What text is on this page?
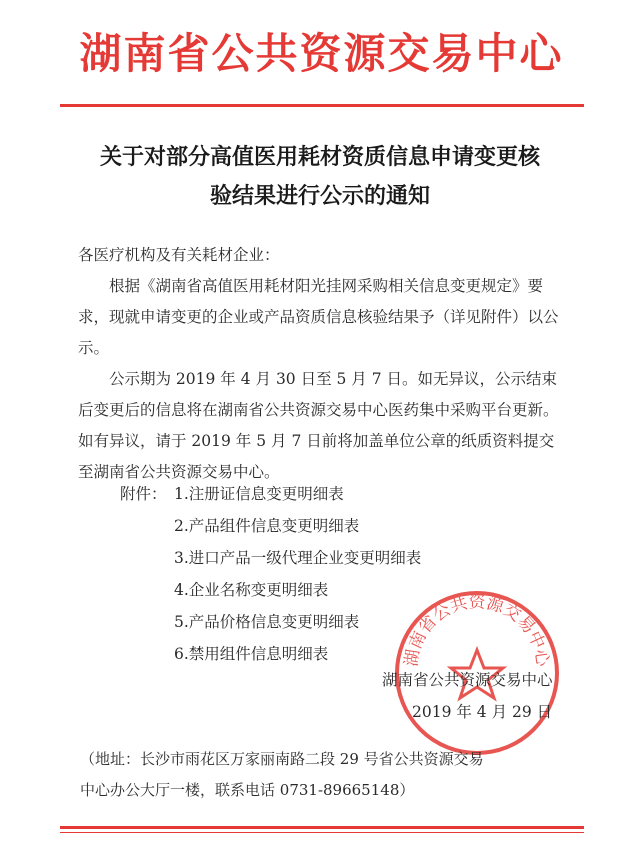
湖南省公共资源交易中心
关于对部分高值医用耗材资质信息申请变更核
验结果进行公示的通知

各医疗机构及有关耗材企业：

根据《湖南省高值医用耗材阳光挂网采购相关信息变更规定》要求，现就申请变更的企业或产品资质信息核验结果予（详见附件）以公示。

公示期为 2019 年 4 月 30 日至 5 月 7 日。如无异议，公示结束后变更后的信息将在湖南省公共资源交易中心医药集中采购平台更新。如有异议，请于 2019 年 5 月 7 日前将加盖单位公章的纸质资料提交至湖南省公共资源交易中心。

湖南省公共资源交易中心
附件： 1.注册证信息变更明细表
2.产品组件信息变更明细表
3.进口产品一级代理企业变更明细表
4.企业名称变更明细表
5.产品价格信息变更明细表
6.禁用组件信息明细表
湖南省公共资源交易中心
2019 年 4 月 29 日
（地址：长沙市雨花区万家丽南路二段 29 号省公共资源交易
中心办公大厅一楼，联系电话 0731-89665148）
